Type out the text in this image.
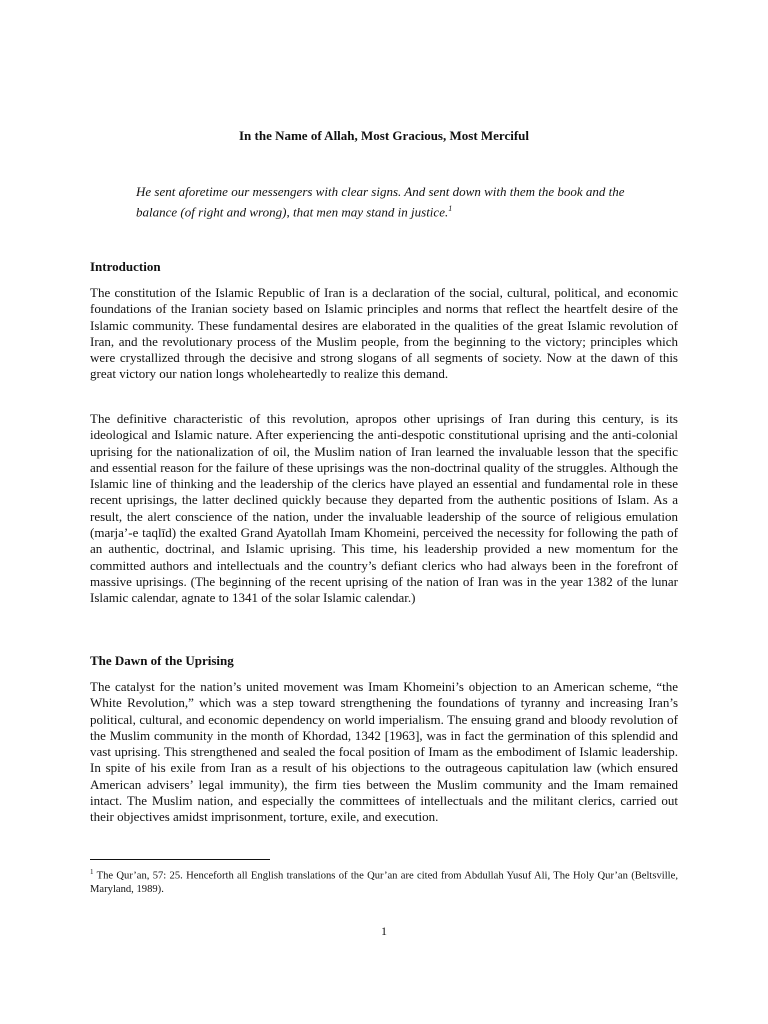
In the Name of Allah, Most Gracious, Most Merciful
He sent aforetime our messengers with clear signs. And sent down with them the book and the balance (of right and wrong), that men may stand in justice.$^1$
Introduction

The constitution of the Islamic Republic of Iran is a declaration of the social, cultural, political, and economic foundations of the Iranian society based on Islamic principles and norms that reflect the heartfelt desire of the Islamic community. These fundamental desires are elaborated in the qualities of the great Islamic revolution of Iran, and the revolutionary process of the Muslim people, from the beginning to the victory; principles which were crystallized through the decisive and strong slogans of all segments of society. Now at the dawn of this great victory our nation longs wholeheartedly to realize this demand.

The definitive characteristic of this revolution, apropos other uprisings of Iran during this century, is its ideological and Islamic nature. After experiencing the anti-despotic constitutional uprising and the anti-colonial uprising for the nationalization of oil, the Muslim nation of Iran learned the invaluable lesson that the specific and essential reason for the failure of these uprisings was the non-doctrinal quality of the struggles. Although the Islamic line of thinking and the leadership of the clerics have played an essential and fundamental role in these recent uprisings, the latter declined quickly because they departed from the authentic positions of Islam. As a result, the alert conscience of the nation, under the invaluable leadership of the source of religious emulation (marja’-e taqlīd) the exalted Grand Ayatollah Imam Khomeini, perceived the necessity for following the path of an authentic, doctrinal, and Islamic uprising. This time, his leadership provided a new momentum for the committed authors and intellectuals and the country’s defiant clerics who had always been in the forefront of massive uprisings. (The beginning of the recent uprising of the nation of Iran was in the year 1382 of the lunar Islamic calendar, agnate to 1341 of the solar Islamic calendar.)

The Dawn of the Uprising

The catalyst for the nation’s united movement was Imam Khomeini’s objection to an American scheme, “the White Revolution,” which was a step toward strengthening the foundations of tyranny and increasing Iran’s political, cultural, and economic dependency on world imperialism. The ensuing grand and bloody revolution of the Muslim community in the month of Khordad, 1342 [1963], was in fact the germination of this splendid and vast uprising. This strengthened and sealed the focal position of Imam as the embodiment of Islamic leadership. In spite of his exile from Iran as a result of his objections to the outrageous capitulation law (which ensured American advisers’ legal immunity), the firm ties between the Muslim community and the Imam remained intact. The Muslim nation, and especially the committees of intellectuals and the militant clerics, carried out their objectives amidst imprisonment, torture, exile, and execution.

$^1$ The Qur’an, 57: 25. Henceforth all English translations of the Qur’an are cited from Abdullah Yusuf Ali, The Holy Qur’an (Beltsville, Maryland, 1989).
1
